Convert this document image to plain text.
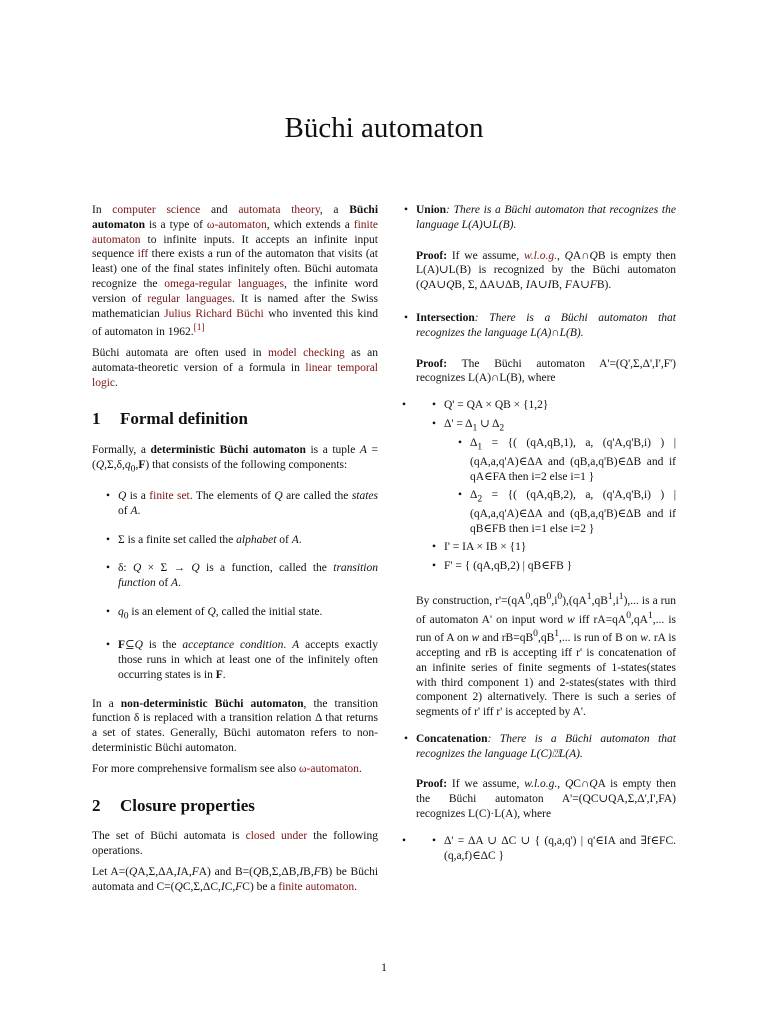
Büchi automaton

In computer science and automata theory, a Büchi automaton is a type of ω-automaton, which extends a finite automaton to infinite inputs. It accepts an infinite input sequence iff there exists a run of the automaton that visits (at least) one of the final states infinitely often. Büchi automata recognize the omega-regular languages, the infinite word version of regular languages. It is named after the Swiss mathematician Julius Richard Büchi who invented this kind of automaton in 1962.[1]

Büchi automata are often used in model checking as an automata-theoretic version of a formula in linear temporal logic.

1 Formal definition

Formally, a deterministic Büchi automaton is a tuple $A = (Q,\Sigma,\delta,q_0,F)$ that consists of the following components:

• Q is a finite set. The elements of Q are called the states of A.
• Σ is a finite set called the alphabet of A.
• δ: Q × Σ → Q is a function, called the transition function of A.
• $q_0$ is an element of Q, called the initial state.
• F⊆Q is the acceptance condition. A accepts exactly those runs in which at least one of the infinitely often occurring states is in F.

In a non-deterministic Büchi automaton, the transition function δ is replaced with a transition relation Δ that returns a set of states. Generally, Büchi automaton refers to non-deterministic Büchi automaton.

For more comprehensive formalism see also ω-automaton.

2 Closure properties

The set of Büchi automata is closed under the following operations.

Let A=(QA,Σ,ΔA,IA,FA) and B=(QB,Σ,ΔB,IB,FB) be Büchi automata and C=(QC,Σ,ΔC,IC,FC) be a finite automaton.

• Union: There is a Büchi automaton that recognizes the language L(A)∪L(B).

Proof: If we assume, w.l.o.g., QA∩QB is empty then L(A)∪L(B) is recognized by the Büchi automaton (QA∪QB, Σ, ΔA∪ΔB, IA∪IB, FA∪FB).

• Intersection: There is a Büchi automaton that recognizes the language L(A)∩L(B).

Proof: The Büchi automaton A'=(Q',Σ,Δ',I',F') recognizes L(A)∩L(B), where

• • Q' = QA × QB × {1,2}
• $\Delta' = \Delta_1$ ∪ $\Delta_2$
• $\Delta_1$ = {( (qA,qB,1), a, (q'A,q'B,i) ) | (qA,a,q'A)∈ΔA and (qB,a,q'B)∈ΔB and if qA∈FA then i=2 else i=1 }
• $\Delta_2$ = {( (qA,qB,2), a, (q'A,q'B,i) ) | (qA,a,q'A)∈ΔA and (qB,a,q'B)∈ΔB and if qB∈FB then i=1 else i=2 }
• I' = IA × IB × {1}
• F' = { (qA,qB,2) | qB∈FB }

By construction, $r'=(qA^0,qB^0,i^0),(qA^1,qB^1,i^1)$,... is a run of automaton A' on input word w iff $rA=qA^0,qA^1$,... is run of A on w and $rB=qB^0,qB^1$,... is run of B on w. rA is accepting and rB is accepting iff r' is concatenation of an infinite series of finite segments of 1-states(states with third component 1) and 2-states(states with third component 2) alternatively. There is such a series of segments of r' iff r' is accepted by A'.

• Concatenation: There is a Büchi automaton that recognizes the language L(C)⍰L(A).

Proof: If we assume, w.l.o.g., QC∩QA is empty then the Büchi automaton A'=(QC∪QA,Σ,Δ',I',FA) recognizes L(C)·L(A), where

• • Δ' = ΔA ∪ ΔC ∪ { (q,a,q') | q'∈IA and ∃f∈FC. (q,a,f)∈ΔC }
1
